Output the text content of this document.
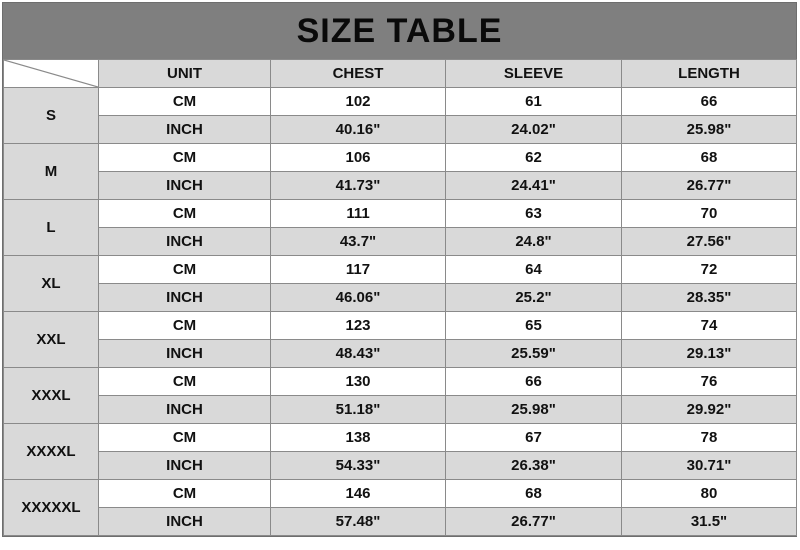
SIZE TABLE
	UNIT	CHEST	SLEEVE	LENGTH
S	CM	102	61	66
	INCH	40.16"	24.02"	25.98"
M	CM	106	62	68
	INCH	41.73"	24.41"	26.77"
L	CM	111	63	70
	INCH	43.7"	24.8"	27.56"
XL	CM	117	64	72
	INCH	46.06"	25.2"	28.35"
XXL	CM	123	65	74
	INCH	48.43"	25.59"	29.13"
XXXL	CM	130	66	76
	INCH	51.18"	25.98"	29.92"
XXXXL	CM	138	67	78
	INCH	54.33"	26.38"	30.71"
XXXXXL	CM	146	68	80
	INCH	57.48"	26.77"	31.5"
